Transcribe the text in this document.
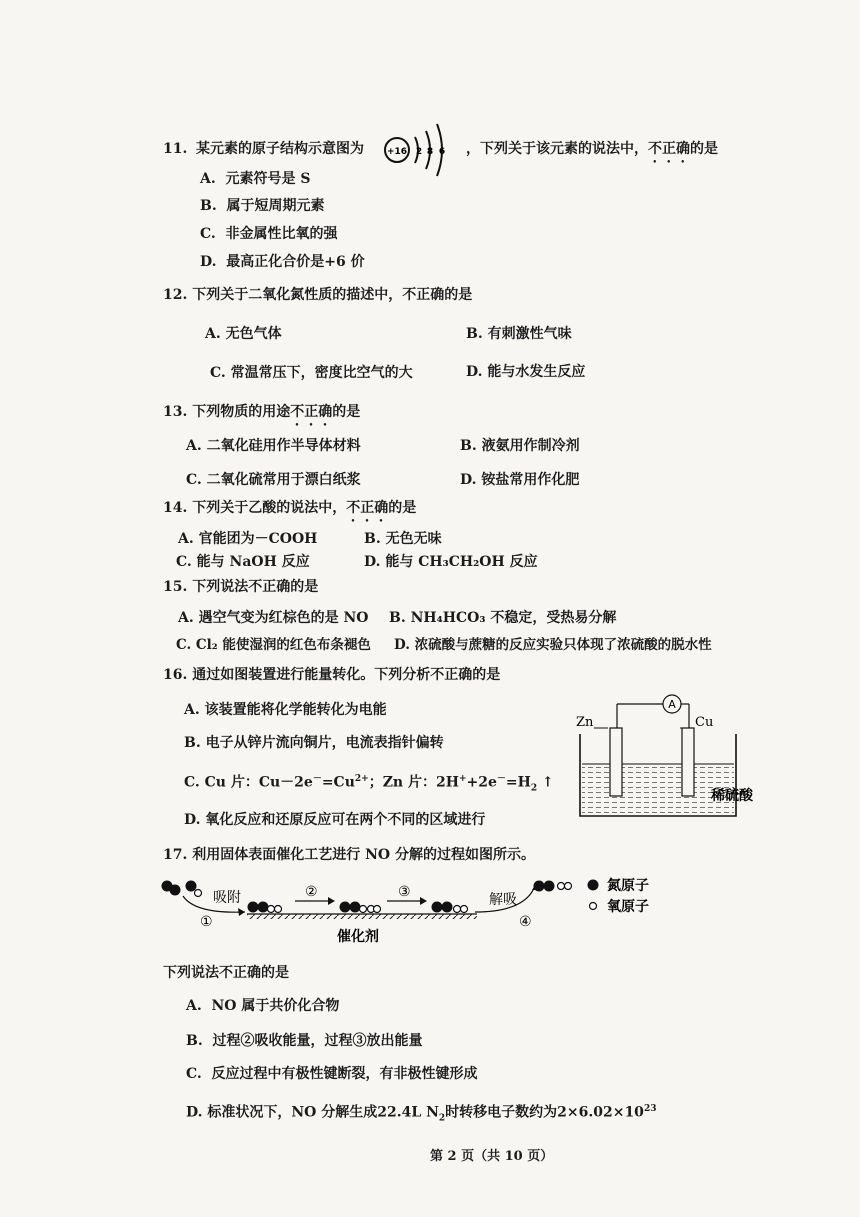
11. 某元素的原子结构示意图为	+16 2 8 6 ，下列关于该元素的说法中，不正确的是
A. 元素符号是 S
B. 属于短周期元素
C. 非金属性比氧的强
D. 最高正化合价是+6 价
12. 下列关于二氧化氮性质的描述中，不正确的是
A. 无色气体	B. 有刺激性气味
C. 常温常压下，密度比空气的大	D. 能与水发生反应
13. 下列物质的用途不正确的是
A. 二氧化硅用作半导体材料	B. 液氨用作制冷剂
C. 二氧化硫常用于漂白纸浆	D. 铵盐常用作化肥
14. 下列关于乙酸的说法中，不正确的是
A. 官能团为－COOH	B. 无色无味
C. 能与 NaOH 反应	D. 能与 CH₃CH₂OH 反应
15. 下列说法不正确的是
A. 遇空气变为红棕色的是 NO B. NH₄HCO₃ 不稳定，受热易分解
C. Cl₂ 能使湿润的红色布条褪色 D. 浓硫酸与蔗糖的反应实验只体现了浓硫酸的脱水性
16. 通过如图装置进行能量转化。下列分析不正确的是
A. 该装置能将化学能转化为电能
B. 电子从锌片流向铜片，电流表指针偏转
C. Cu 片：$Cu-2e^-=Cu^{2+}$；Zn 片：$2H^++2e^-=H_2$ ↑
D. 氧化反应和还原反应可在两个不同的区域进行
A
Zn	Cu
稀硫酸
17. 利用固体表面催化工艺进行 NO 分解的过程如图所示。
吸附
①
②	③	解吸
④
氮原子
氧原子
催化剂
下列说法不正确的是
A. NO 属于共价化合物
B. 过程②吸收能量，过程③放出能量
C. 反应过程中有极性键断裂，有非极性键形成
D. 标准状况下，NO 分解生成22.4L $N_2$时转移电子数约为$2\times 6.02\times 10^{23}$
第 2 页（共 10 页）
